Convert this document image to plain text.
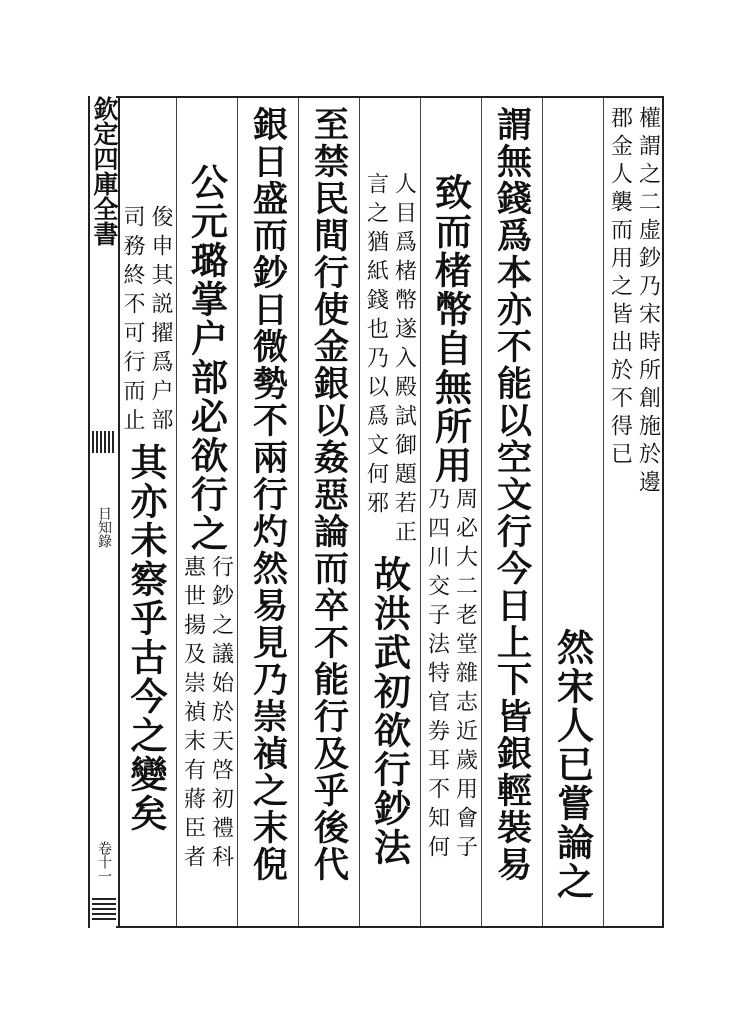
欽定四庫全書
日知錄
卷十一
權謂之二虚鈔乃宋時所創施於邊
郡金人襲而用之皆出於不得已
然宋人已嘗論之
謂無錢爲本亦不能以空文行今日上下皆銀輕裝易
致而楮幣自無所用
周必大二老堂雜志近歲用會子
乃四川交子法特官券耳不知何
人目爲楮幣遂入殿試御題若正
言之猶紙錢也乃以爲文何邪
故洪武初欲行鈔法
至禁民間行使金銀以姦惡論而卒不能行及乎後代
銀日盛而鈔日微勢不兩行灼然易見乃崇禎之末倪
公元璐掌户部必欲行之
行鈔之議始於天啓初禮科
惠世揚及崇禎末有蔣臣者
俊申其説擢爲户部
司務終不可行而止
其亦未察乎古今之變矣
